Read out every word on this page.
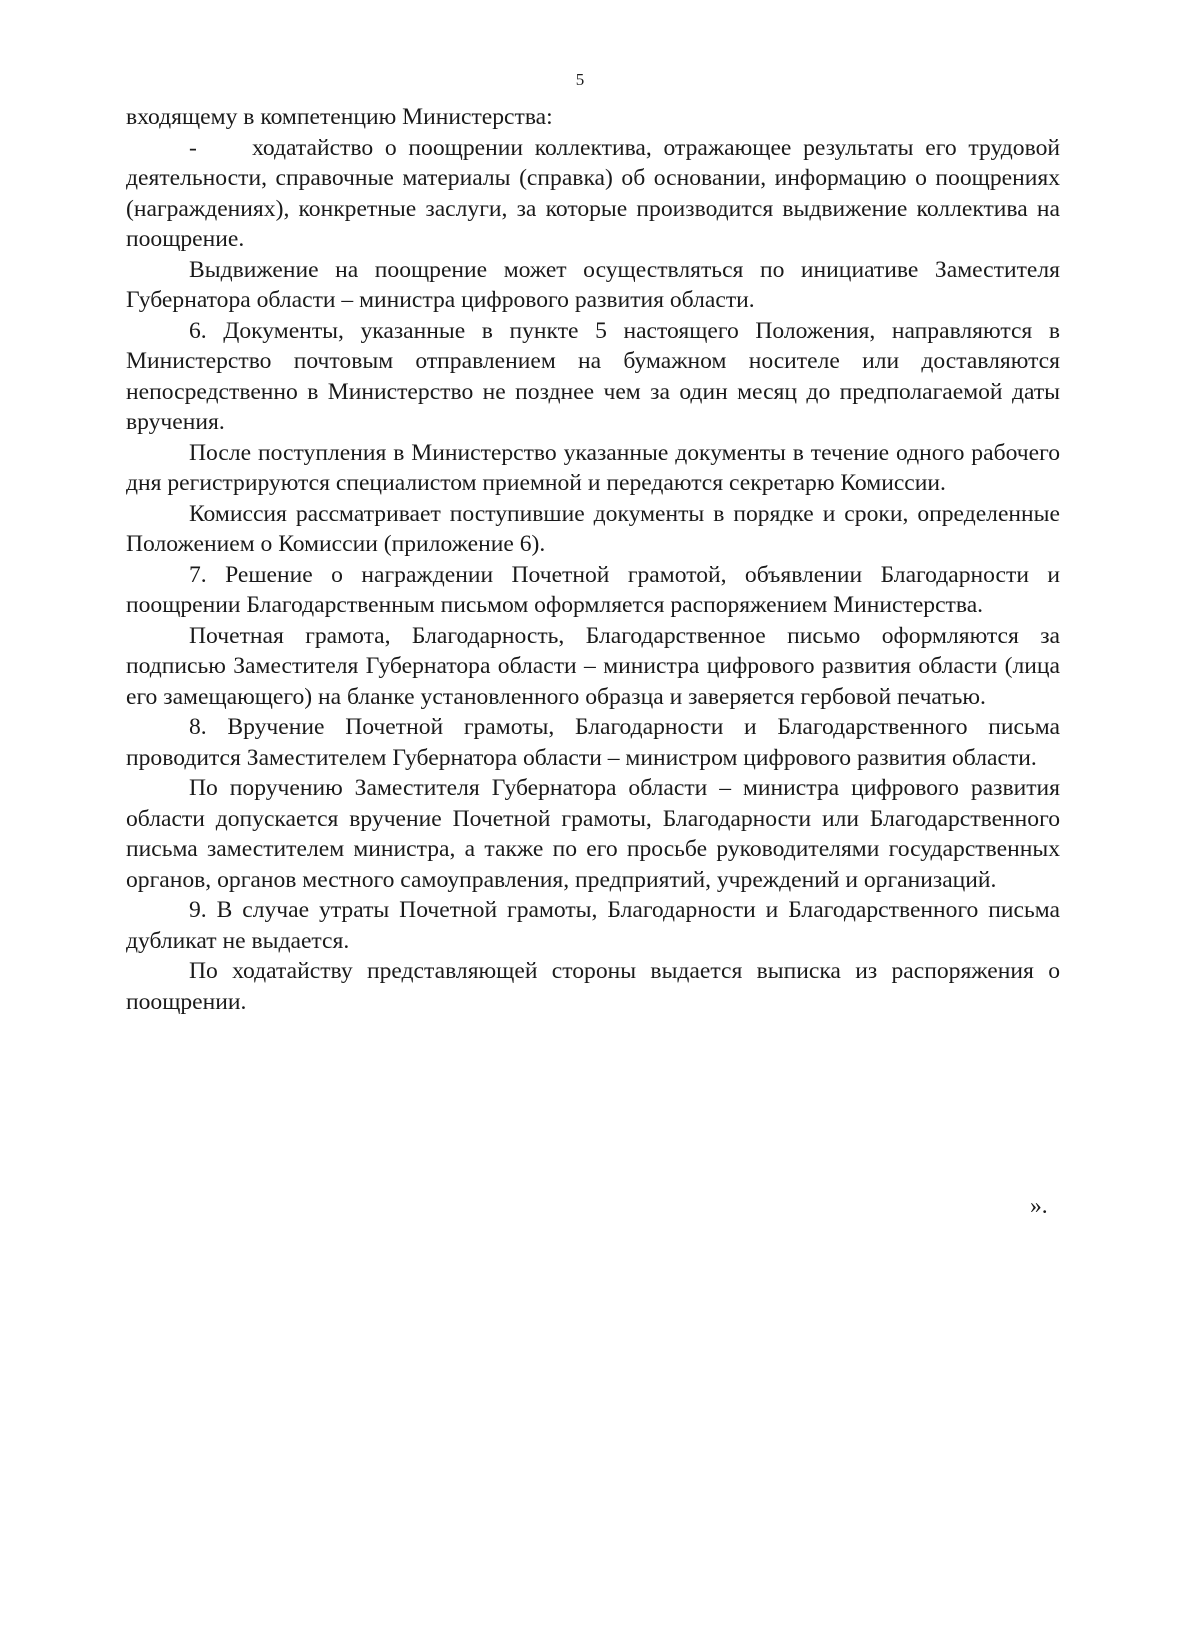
5

входящему в компетенцию Министерства:

- ходатайство о поощрении коллектива, отражающее результаты его трудовой деятельности, справочные материалы (справка) об основании, информацию о поощрениях (награждениях), конкретные заслуги, за которые производится выдвижение коллектива на поощрение.

Выдвижение на поощрение может осуществляться по инициативе Заместителя Губернатора области – министра цифрового развития области.

6. Документы, указанные в пункте 5 настоящего Положения, направляются в Министерство почтовым отправлением на бумажном носителе или доставляются непосредственно в Министерство не позднее чем за один месяц до предполагаемой даты вручения.

После поступления в Министерство указанные документы в течение одного рабочего дня регистрируются специалистом приемной и передаются секретарю Комиссии.

Комиссия рассматривает поступившие документы в порядке и сроки, определенные Положением о Комиссии (приложение 6).

7. Решение о награждении Почетной грамотой, объявлении Благодарности и поощрении Благодарственным письмом оформляется распоряжением Министерства.

Почетная грамота, Благодарность, Благодарственное письмо оформляются за подписью Заместителя Губернатора области – министра цифрового развития области (лица его замещающего) на бланке установленного образца и заверяется гербовой печатью.

8. Вручение Почетной грамоты, Благодарности и Благодарственного письма проводится Заместителем Губернатора области – министром цифрового развития области.

По поручению Заместителя Губернатора области – министра цифрового развития области допускается вручение Почетной грамоты, Благодарности или Благодарственного письма заместителем министра, а также по его просьбе руководителями государственных органов, органов местного самоуправления, предприятий, учреждений и организаций.

9. В случае утраты Почетной грамоты, Благодарности и Благодарственного письма дубликат не выдается.

По ходатайству представляющей стороны выдается выписка из распоряжения о поощрении.

».
